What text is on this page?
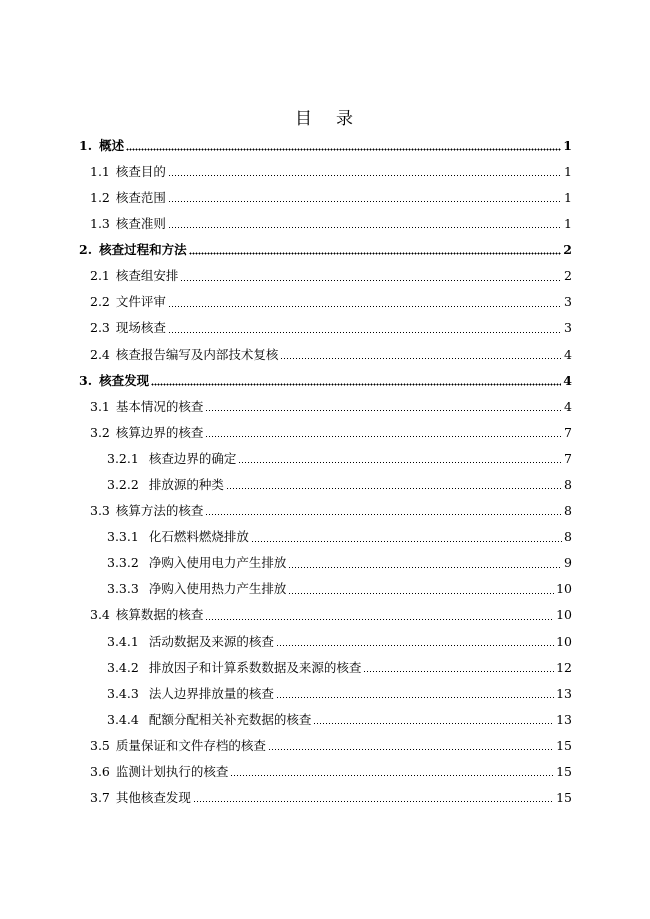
目 录
1. 概述	1
1.1 核查目的	1
1.2 核查范围	1
1.3 核查准则	1
2. 核查过程和方法	2
2.1 核查组安排	2
2.2 文件评审	3
2.3 现场核查	3
2.4 核查报告编写及内部技术复核	4
3. 核查发现	4
3.1 基本情况的核查	4
3.2 核算边界的核查	7
3.2.1 核查边界的确定	7
3.2.2 排放源的种类	8
3.3 核算方法的核查	8
3.3.1 化石燃料燃烧排放	8
3.3.2 净购入使用电力产生排放	9
3.3.3 净购入使用热力产生排放	10
3.4 核算数据的核查	10
3.4.1 活动数据及来源的核查	10
3.4.2 排放因子和计算系数数据及来源的核查	12
3.4.3 法人边界排放量的核查	13
3.4.4 配额分配相关补充数据的核查	13
3.5 质量保证和文件存档的核查	15
3.6 监测计划执行的核查	15
3.7 其他核查发现	15
